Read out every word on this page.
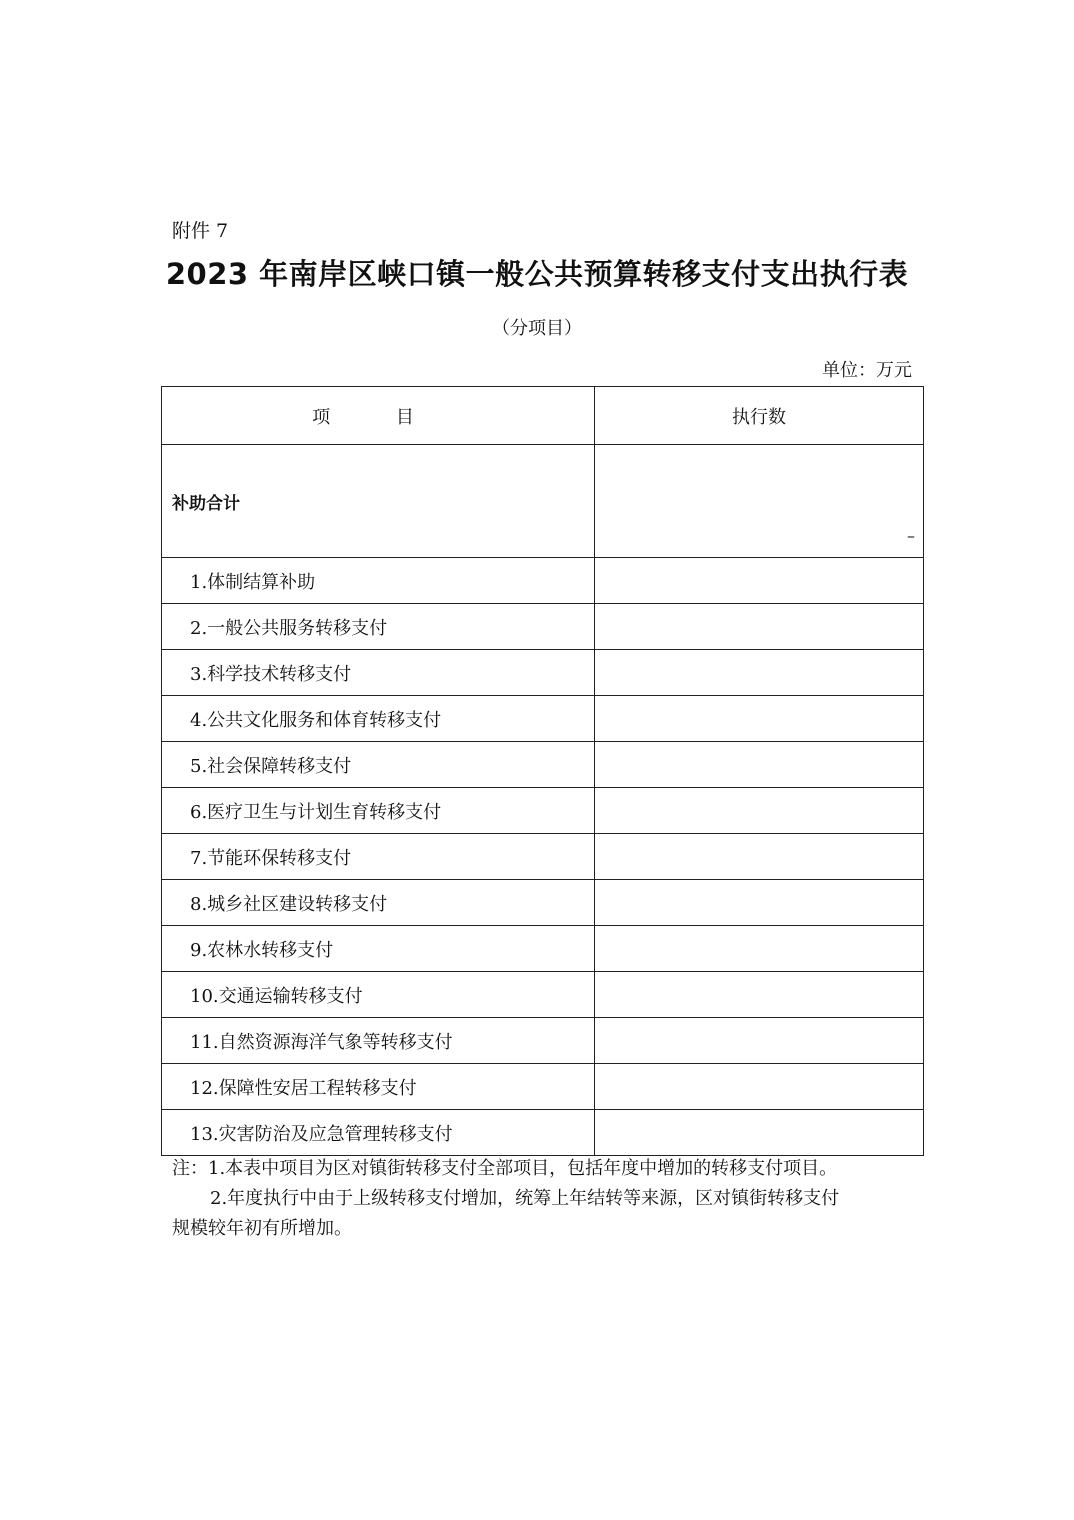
附件 7
2023 年南岸区峡口镇一般公共预算转移支付支出执行表
（分项目）
单位：万元
项 目	执行数
补助合计	–

1.体制结算补助	
2.一般公共服务转移支付	
3.科学技术转移支付	
4.公共文化服务和体育转移支付	
5.社会保障转移支付	
6.医疗卫生与计划生育转移支付	
7.节能环保转移支付	
8.城乡社区建设转移支付	
9.农林水转移支付	
10.交通运输转移支付	
11.自然资源海洋气象等转移支付	
12.保障性安居工程转移支付	
13.灾害防治及应急管理转移支付	
注：1.本表中项目为区对镇街转移支付全部项目，包括年度中增加的转移支付项目。
2.年度执行中由于上级转移支付增加，统筹上年结转等来源，区对镇街转移支付
规模较年初有所增加。
